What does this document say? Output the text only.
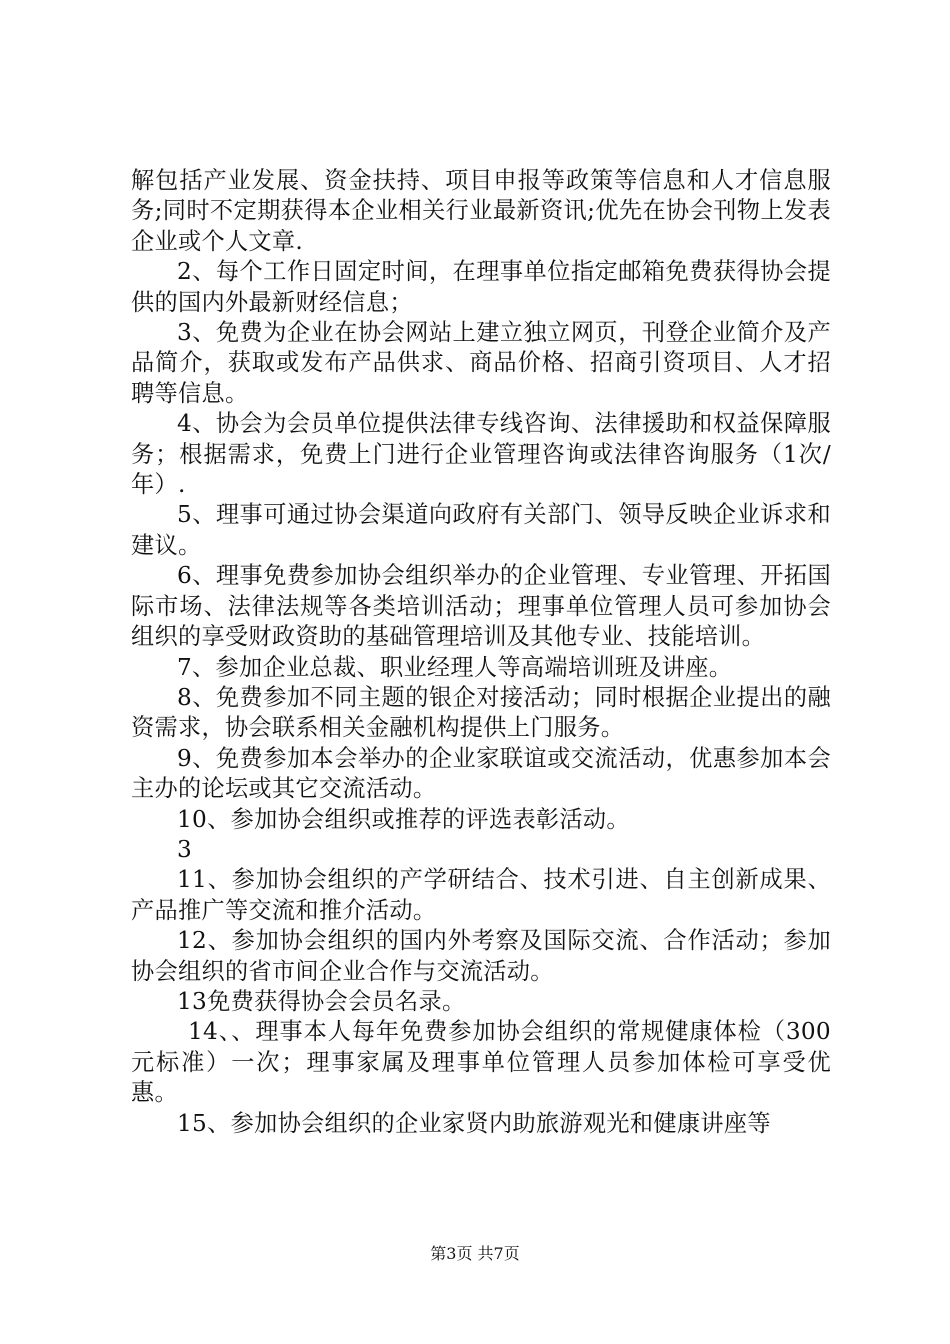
解包括产业发展、资金扶持、项目申报等政策等信息和人才信息服务;同时不定期获得本企业相关行业最新资讯;优先在协会刊物上发表企业或个人文章.

2、每个工作日固定时间，在理事单位指定邮箱免费获得协会提供的国内外最新财经信息；

3、免费为企业在协会网站上建立独立网页，刊登企业简介及产品简介，获取或发布产品供求、商品价格、招商引资项目、人才招聘等信息。

4、协会为会员单位提供法律专线咨询、法律援助和权益保障服务；根据需求，免费上门进行企业管理咨询或法律咨询服务（1次/年）.

5、理事可通过协会渠道向政府有关部门、领导反映企业诉求和建议。

6、理事免费参加协会组织举办的企业管理、专业管理、开拓国际市场、法律法规等各类培训活动；理事单位管理人员可参加协会组织的享受财政资助的基础管理培训及其他专业、技能培训。

7、参加企业总裁、职业经理人等高端培训班及讲座。

8、免费参加不同主题的银企对接活动；同时根据企业提出的融资需求，协会联系相关金融机构提供上门服务。

9、免费参加本会举办的企业家联谊或交流活动，优惠参加本会主办的论坛或其它交流活动。

10、参加协会组织或推荐的评选表彰活动。

3

11、参加协会组织的产学研结合、技术引进、自主创新成果、产品推广等交流和推介活动。

12、参加协会组织的国内外考察及国际交流、合作活动；参加协会组织的省市间企业合作与交流活动。

13免费获得协会会员名录。

14、、理事本人每年免费参加协会组织的常规健康体检（300元标准）一次；理事家属及理事单位管理人员参加体检可享受优惠。

15、参加协会组织的企业家贤内助旅游观光和健康讲座等

第3页 共7页
